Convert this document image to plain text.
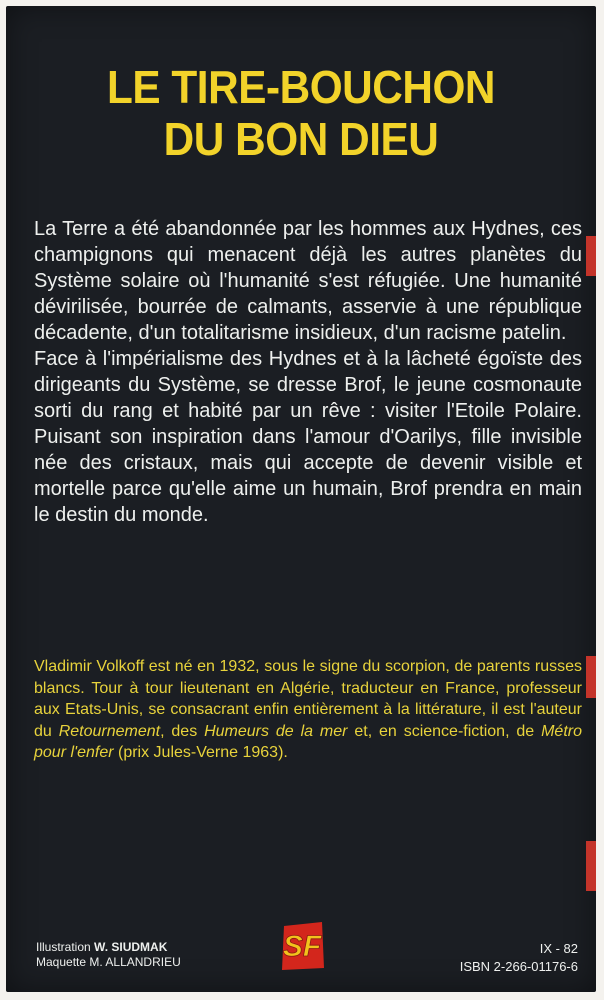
LE TIRE-BOUCHON
DU BON DIEU

La Terre a été abandonnée par les hommes aux Hydnes, ces champignons qui menacent déjà les autres planètes du Système solaire où l'humanité s'est réfugiée. Une humanité dévirilisée, bourrée de calmants, asservie à une république décadente, d'un totalitarisme insidieux, d'un racisme patelin.

Face à l'impérialisme des Hydnes et à la lâcheté égoïste des dirigeants du Système, se dresse Brof, le jeune cosmonaute sorti du rang et habité par un rêve : visiter l'Etoile Polaire. Puisant son inspiration dans l'amour d'Oarilys, fille invisible née des cristaux, mais qui accepte de devenir visible et mortelle parce qu'elle aime un humain, Brof prendra en main le destin du monde.

Vladimir Volkoff est né en 1932, sous le signe du scorpion, de parents russes blancs. Tour à tour lieutenant en Algérie, traducteur en France, professeur aux Etats-Unis, se consacrant enfin entièrement à la littérature, il est l'auteur du Retournement, des Humeurs de la mer et, en science-fiction, de Métro pour l'enfer (prix Jules-Verne 1963).

Illustration W. SIUDMAK
Maquette M. ALLANDRIEU	SF	IX - 82
ISBN 2-266-01176-6
